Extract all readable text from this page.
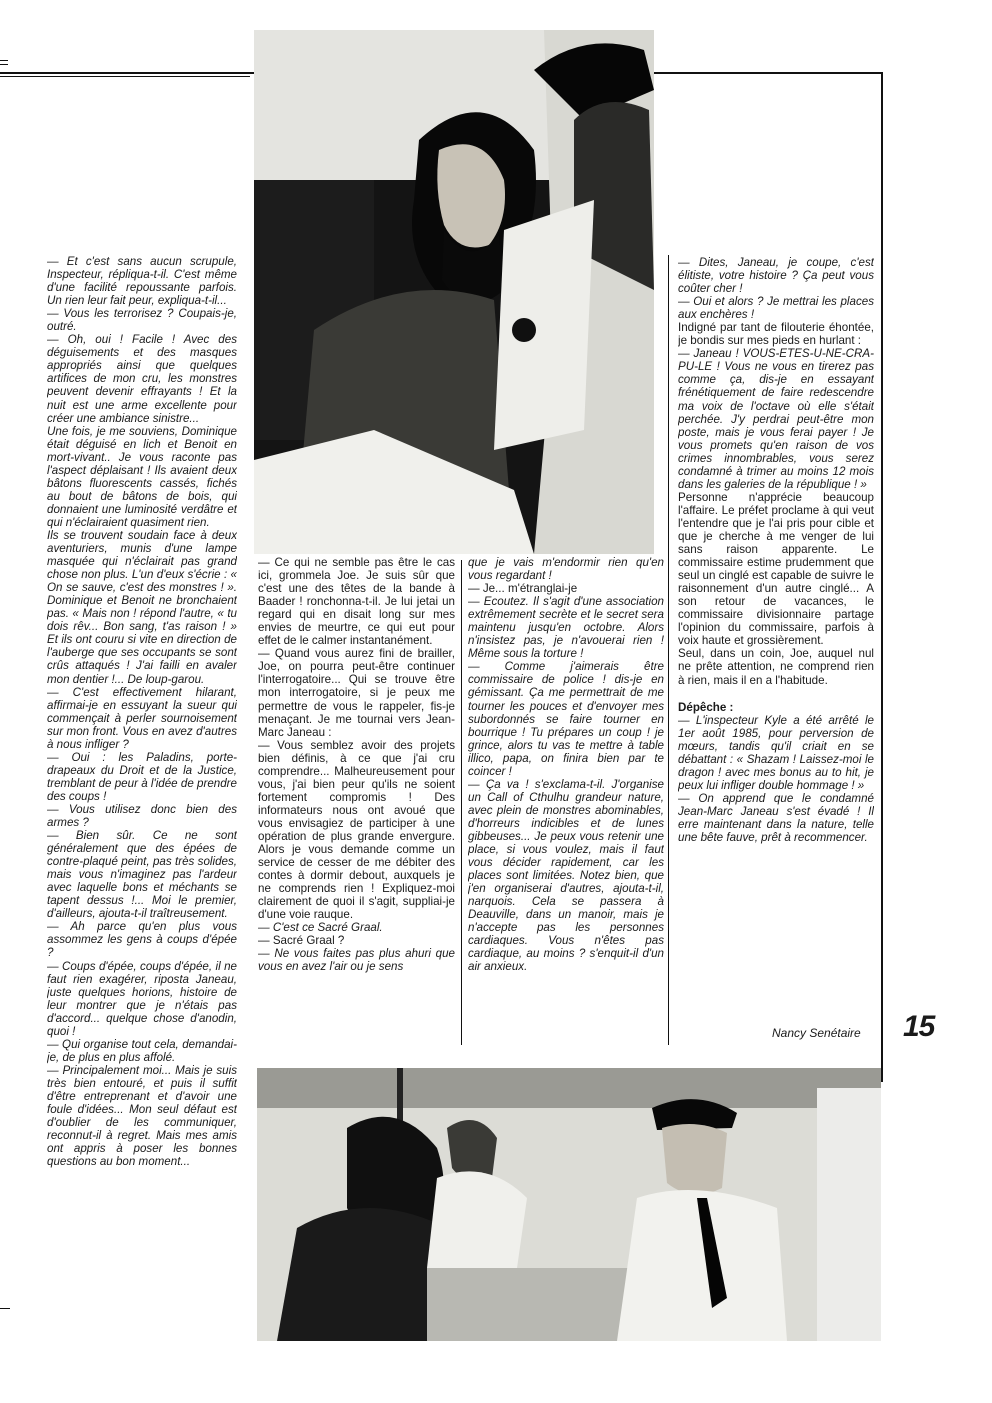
— Et c'est sans aucun scrupule, Inspecteur, répliqua-t-il. C'est même d'une facilité repoussante parfois. Un rien leur fait peur, expliqua-t-il...

— Vous les terrorisez ? Coupais-je, outré.

— Oh, oui ! Facile ! Avec des déguisements et des masques appropriés ainsi que quelques artifices de mon cru, les monstres peuvent devenir effrayants ! Et la nuit est une arme excellente pour créer une ambiance sinistre...

Une fois, je me souviens, Dominique était déguisé en lich et Benoit en mort-vivant.. Je vous raconte pas l'aspect déplaisant ! Ils avaient deux bâtons fluorescents cassés, fichés au bout de bâtons de bois, qui donnaient une luminosité verdâtre et qui n'éclairaient quasiment rien.

Ils se trouvent soudain face à deux aventuriers, munis d'une lampe masquée qui n'éclairait pas grand chose non plus. L'un d'eux s'écrie : « On se sauve, c'est des monstres ! ». Dominique et Benoit ne bronchaient pas. « Mais non ! répond l'autre, « tu dois rêv... Bon sang, t'as raison ! » Et ils ont couru si vite en direction de l'auberge que ses occupants se sont crûs attaqués ! J'ai failli en avaler mon dentier !... De loup-garou.

— C'est effectivement hilarant, affirmai-je en essuyant la sueur qui commençait à perler sournoisement sur mon front. Vous en avez d'autres à nous infliger ?

— Oui : les Paladins, porte-drapeaux du Droit et de la Justice, tremblant de peur à l'idée de prendre des coups !

— Vous utilisez donc bien des armes ?

— Bien sûr. Ce ne sont généralement que des épées de contre-plaqué peint, pas très solides, mais vous n'imaginez pas l'ardeur avec laquelle bons et méchants se tapent dessus !... Moi le premier, d'ailleurs, ajouta-t-il traîtreusement.

— Ah parce qu'en plus vous assommez les gens à coups d'épée ?

— Coups d'épée, coups d'épée, il ne faut rien exagérer, riposta Janeau, juste quelques horions, histoire de leur montrer que je n'étais pas d'accord... quelque chose d'anodin, quoi !

— Qui organise tout cela, demandai-je, de plus en plus affolé.

— Principalement moi... Mais je suis très bien entouré, et puis il suffit d'être entreprenant et d'avoir une foule d'idées... Mon seul défaut est d'oublier de les communiquer, reconnut-il à regret. Mais mes amis ont appris à poser les bonnes questions au bon moment...

— Ce qui ne semble pas être le cas ici, grommela Joe. Je suis sûr que c'est une des têtes de la bande à Baader ! ronchonna-t-il. Je lui jetai un regard qui en disait long sur mes envies de meurtre, ce qui eut pour effet de le calmer instantanément.

— Quand vous aurez fini de brailler, Joe, on pourra peut-être continuer l'interrogatoire... Qui se trouve être mon interrogatoire, si je peux me permettre de vous le rappeler, fis-je menaçant. Je me tournai vers Jean-Marc Janeau :

— Vous semblez avoir des projets bien définis, à ce que j'ai cru comprendre... Malheureusement pour vous, j'ai bien peur qu'ils ne soient fortement compromis ! Des informateurs nous ont avoué que vous envisagiez de participer à une opération de plus grande envergure. Alors je vous demande comme un service de cesser de me débiter des contes à dormir debout, auxquels je ne comprends rien ! Expliquez-moi clairement de quoi il s'agit, suppliai-je d'une voie rauque.

— C'est ce Sacré Graal.

— Sacré Graal ?

— Ne vous faites pas plus ahuri que vous en avez l'air ou je sens

que je vais m'endormir rien qu'en vous regardant !

— Je... m'étranglai-je

— Ecoutez. Il s'agit d'une association extrêmement secrète et le secret sera maintenu jusqu'en octobre. Alors n'insistez pas, je n'avouerai rien ! Même sous la torture !

— Comme j'aimerais être commissaire de police ! dis-je en gémissant. Ça me permettrait de me tourner les pouces et d'envoyer mes subordonnés se faire tourner en bourrique ! Tu prépares un coup ! je grince, alors tu vas te mettre à table illico, papa, on finira bien par te coincer !

— Ça va ! s'exclama-t-il. J'organise un Call of Cthulhu grandeur nature, avec plein de monstres abominables, d'horreurs indicibles et de lunes gibbeuses... Je peux vous retenir une place, si vous voulez, mais il faut vous décider rapidement, car les places sont limitées. Notez bien, que j'en organiserai d'autres, ajouta-t-il, narquois. Cela se passera à Deauville, dans un manoir, mais je n'accepte pas les personnes cardiaques. Vous n'êtes pas cardiaque, au moins ? s'enquit-il d'un air anxieux.

— Dites, Janeau, je coupe, c'est élitiste, votre histoire ? Ça peut vous coûter cher !

— Oui et alors ? Je mettrai les places aux enchères !

Indigné par tant de filouterie éhontée, je bondis sur mes pieds en hurlant :

— Janeau ! VOUS-ETES-U-NE-CRA-PU-LE ! Vous ne vous en tirerez pas comme ça, dis-je en essayant frénétiquement de faire redescendre ma voix de l'octave où elle s'était perchée. J'y perdrai peut-être mon poste, mais je vous ferai payer ! Je vous promets qu'en raison de vos crimes innombrables, vous serez condamné à trimer au moins 12 mois dans les galeries de la république ! »

Personne n'apprécie beaucoup l'affaire. Le préfet proclame à qui veut l'entendre que je l'ai pris pour cible et que je cherche à me venger de lui sans raison apparente. Le commissaire estime prudemment que seul un cinglé est capable de suivre le raisonnement d'un autre cinglé... A son retour de vacances, le commissaire divisionnaire partage l'opinion du commissaire, parfois à voix haute et grossièrement.

Seul, dans un coin, Joe, auquel nul ne prête attention, ne comprend rien à rien, mais il en a l'habitude.

Dépêche :

— L'inspecteur Kyle a été arrêté le 1er août 1985, pour perversion de mœurs, tandis qu'il criait en se débattant : « Shazam ! Laissez-moi le dragon ! avec mes bonus au to hit, je peux lui infliger double hommage ! »

— On apprend que le condamné Jean-Marc Janeau s'est évadé ! Il erre maintenant dans la nature, telle une bête fauve, prêt à recommencer.

Nancy Senétaire 15
